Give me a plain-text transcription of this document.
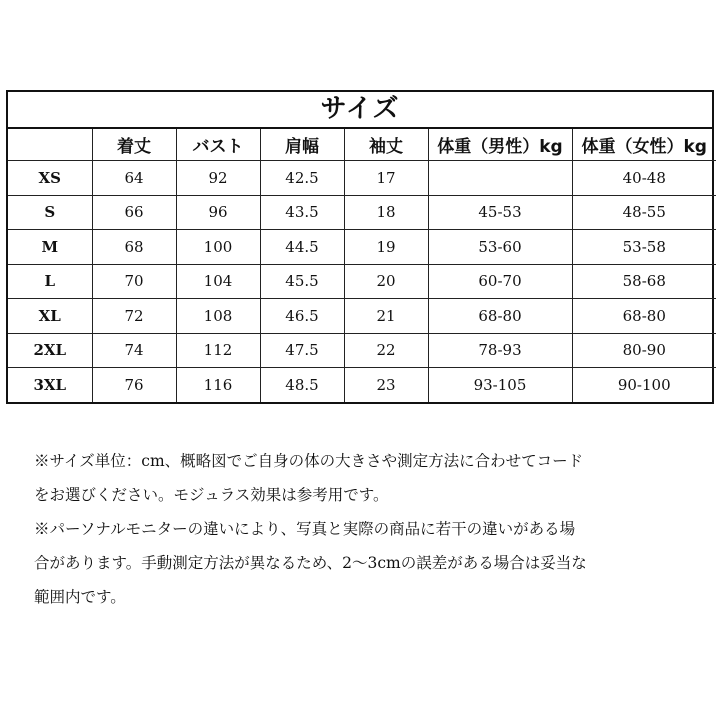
サイズ
	着丈	バスト	肩幅	袖丈	体重（男性）kg	体重（女性）kg
XS	64	92	42.5	17		40-48
S	66	96	43.5	18	45-53	48-55
M	68	100	44.5	19	53-60	53-58
L	70	104	45.5	20	60-70	58-68
XL	72	108	46.5	21	68-80	68-80
2XL	74	112	47.5	22	78-93	80-90
3XL	76	116	48.5	23	93-105	90-100

※サイズ単位：cm、概略図でご自身の体の大きさや測定方法に合わせてコード

をお選びください。モジュラス効果は参考用です。

※パーソナルモニターの違いにより、写真と実際の商品に若干の違いがある場

合があります。手動測定方法が異なるため、2〜3cmの誤差がある場合は妥当な

範囲内です。
